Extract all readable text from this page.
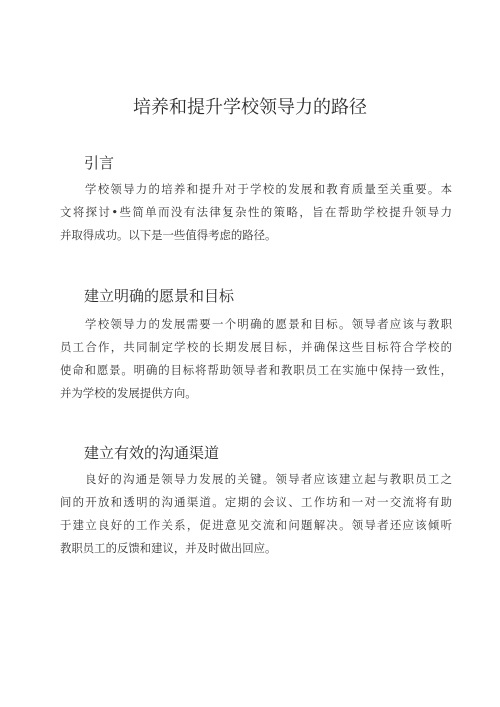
培养和提升学校领导力的路径
引言
学校领导力的培养和提升对于学校的发展和教育质量至关重要。本
文将探讨•些简单而没有法律复杂性的策略，旨在帮助学校提升领导力
并取得成功。以下是一些值得考虑的路径。
建立明确的愿景和目标
学校领导力的发展需要一个明确的愿景和目标。领导者应该与教职
员工合作，共同制定学校的长期发展目标，并确保这些目标符合学校的
使命和愿景。明确的目标将帮助领导者和教职员工在实施中保持一致性，
并为学校的发展提供方向。
建立有效的沟通渠道
良好的沟通是领导力发展的关键。领导者应该建立起与教职员工之
间的开放和透明的沟通渠道。定期的会议、工作坊和一对一交流将有助
于建立良好的工作关系，促进意见交流和问题解决。领导者还应该倾听
教职员工的反馈和建议，并及时做出回应。
